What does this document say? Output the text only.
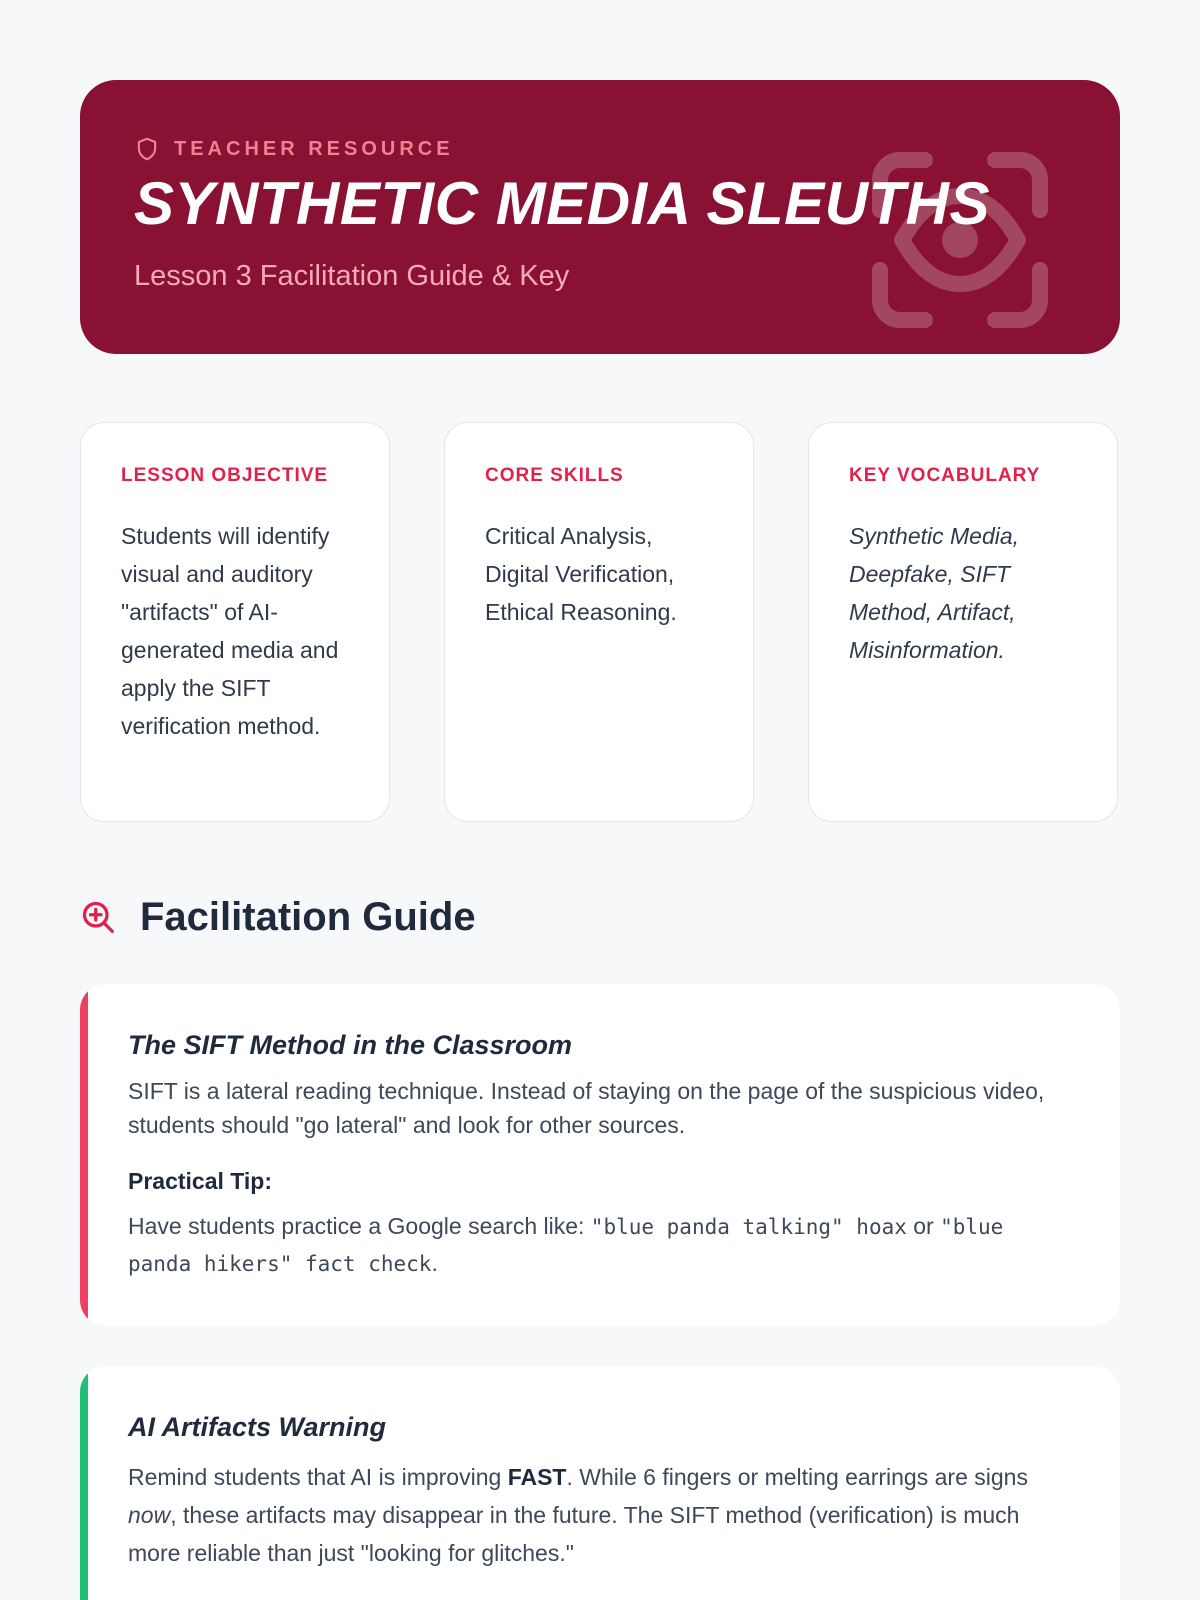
TEACHER RESOURCE
SYNTHETIC MEDIA SLEUTHS
Lesson 3 Facilitation Guide & Key
LESSON OBJECTIVE
Students will identify visual and auditory "artifacts" of AI-generated media and apply the SIFT verification method.
CORE SKILLS
Critical Analysis, Digital Verification, Ethical Reasoning.
KEY VOCABULARY
Synthetic Media, Deepfake, SIFT Method, Artifact, Misinformation.
Facilitation Guide
The SIFT Method in the Classroom
SIFT is a lateral reading technique. Instead of staying on the page of the suspicious video, students should "go lateral" and look for other sources.
Practical Tip:
Have students practice a Google search like: "blue panda talking" hoax or "blue panda hikers" fact check.
AI Artifacts Warning
Remind students that AI is improving FAST. While 6 fingers or melting earrings are signs now, these artifacts may disappear in the future. The SIFT method (verification) is much more reliable than just "looking for glitches."
